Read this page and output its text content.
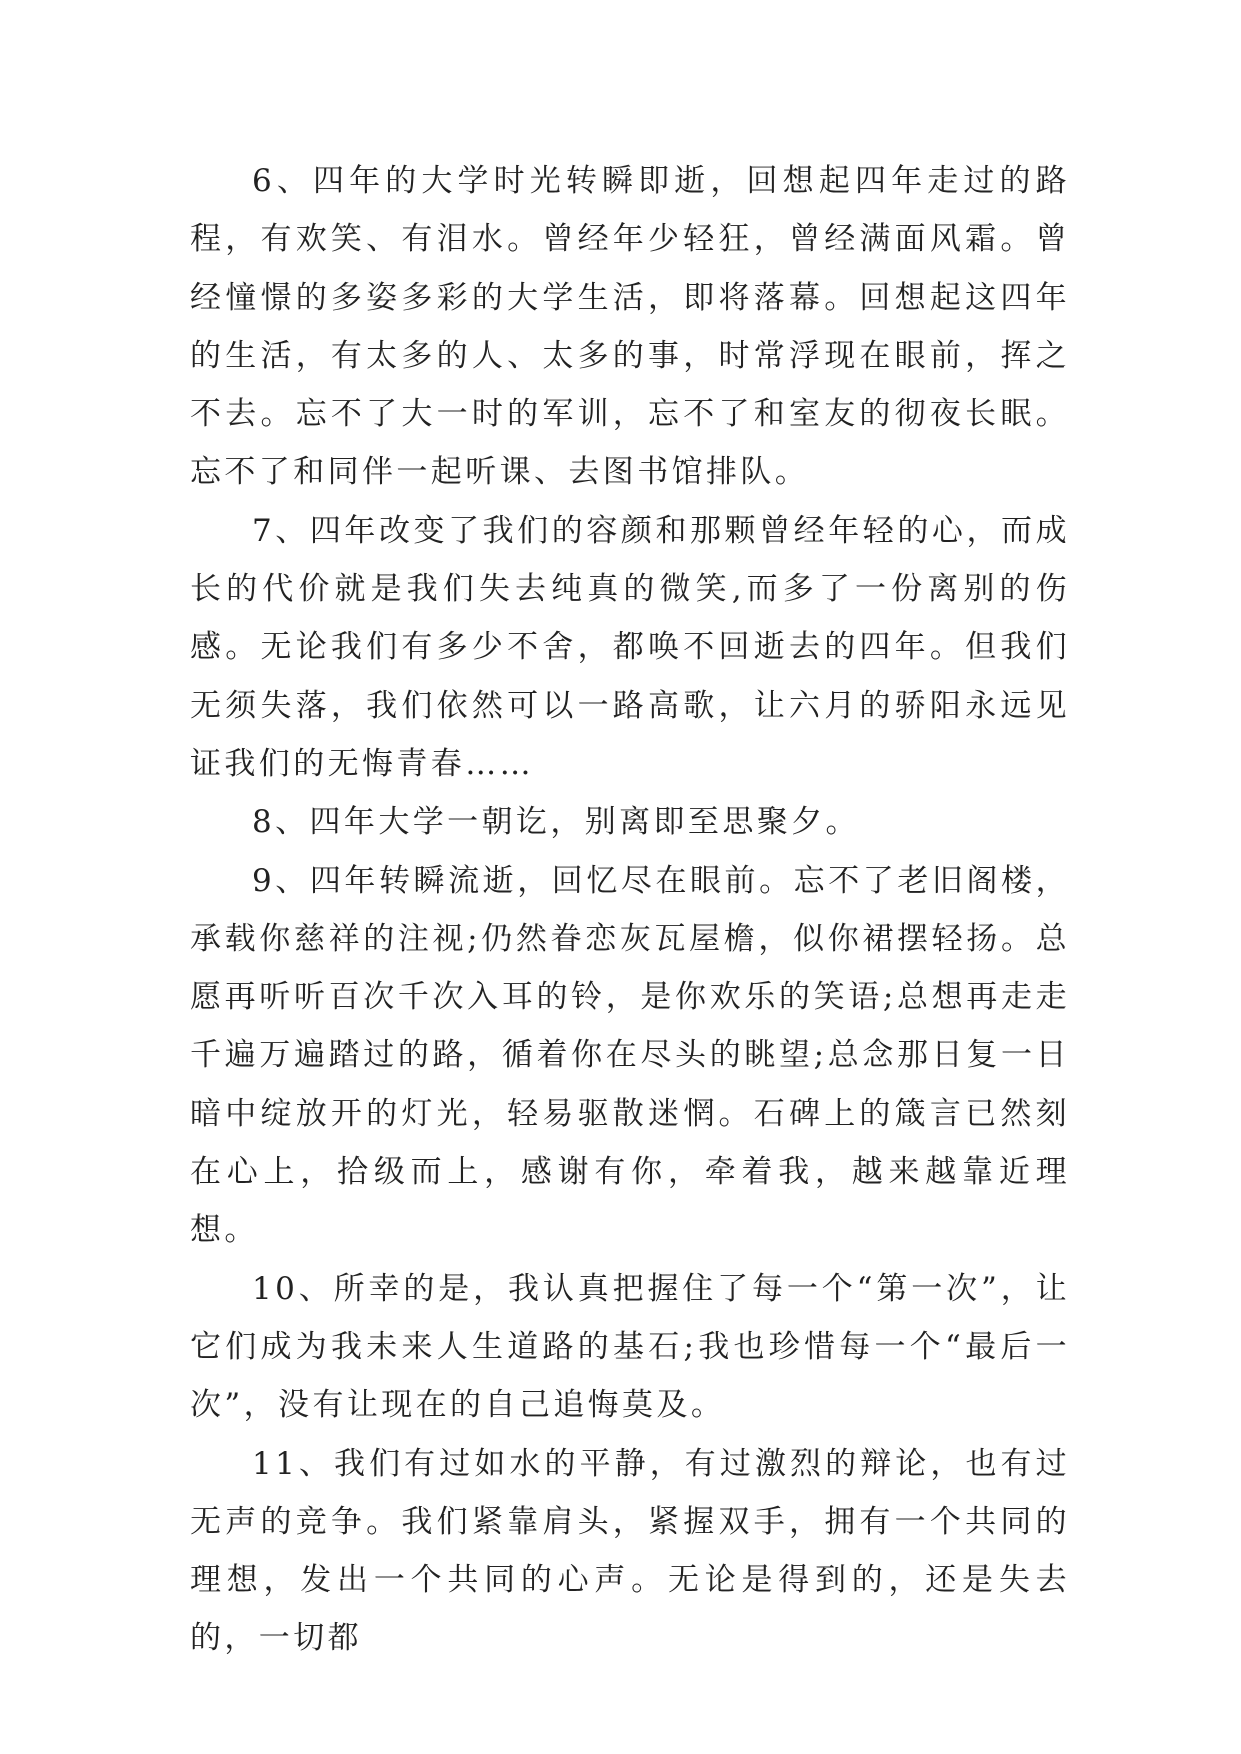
6、四年的大学时光转瞬即逝，回想起四年走过的路程，有欢笑、有泪水。曾经年少轻狂，曾经满面风霜。曾经憧憬的多姿多彩的大学生活，即将落幕。回想起这四年的生活，有太多的人、太多的事，时常浮现在眼前，挥之不去。忘不了大一时的军训，忘不了和室友的彻夜长眠。忘不了和同伴一起听课、去图书馆排队。

7、四年改变了我们的容颜和那颗曾经年轻的心，而成长的代价就是我们失去纯真的微笑,而多了一份离别的伤感。无论我们有多少不舍，都唤不回逝去的四年。但我们无须失落，我们依然可以一路高歌，让六月的骄阳永远见证我们的无悔青春……

8、四年大学一朝讫，别离即至思聚夕。

9、四年转瞬流逝，回忆尽在眼前。忘不了老旧阁楼，承载你慈祥的注视;仍然眷恋灰瓦屋檐，似你裙摆轻扬。总愿再听听百次千次入耳的铃，是你欢乐的笑语;总想再走走千遍万遍踏过的路，循着你在尽头的眺望;总念那日复一日暗中绽放开的灯光，轻易驱散迷惘。石碑上的箴言已然刻在心上，拾级而上，感谢有你，牵着我，越来越靠近理想。

10、所幸的是，我认真把握住了每一个“第一次”，让它们成为我未来人生道路的基石;我也珍惜每一个“最后一次”，没有让现在的自己追悔莫及。

11、我们有过如水的平静，有过激烈的辩论，也有过无声的竞争。我们紧靠肩头，紧握双手，拥有一个共同的理想，发出一个共同的心声。无论是得到的，还是失去的，一切都
